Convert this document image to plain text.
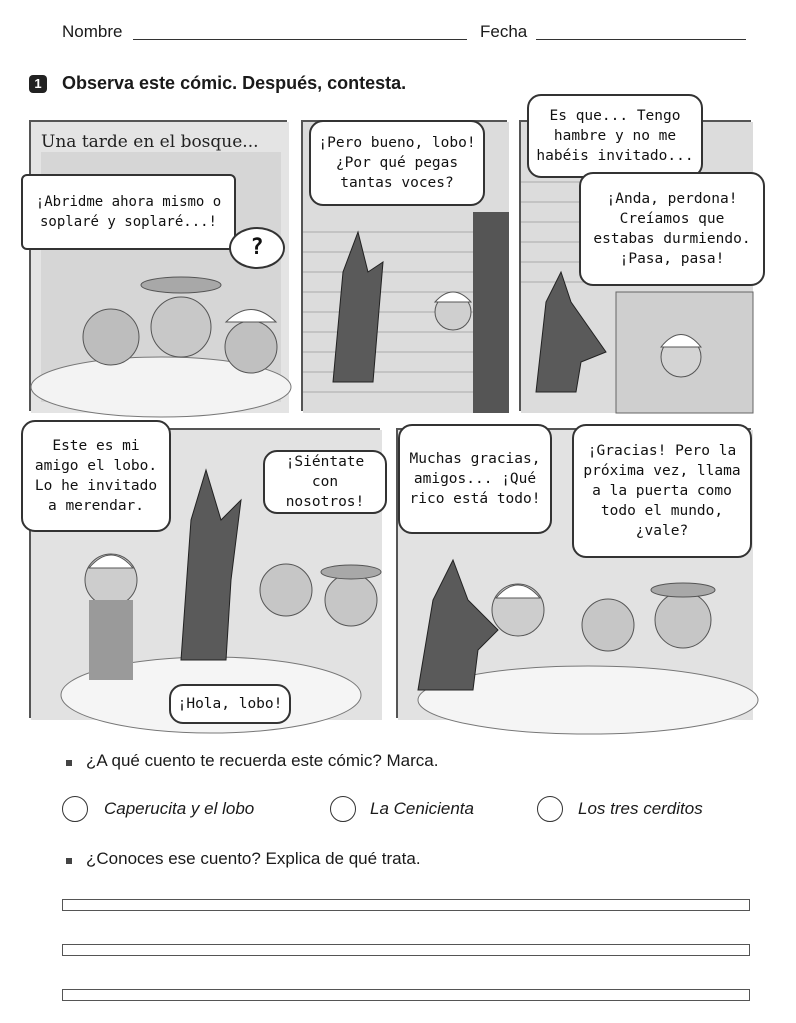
Nombre	Fecha
1 Observa este cómic. Después, contesta.
Una tarde en el bosque...
¡Abridme ahora mismo o soplaré y soplaré...!
?
¡Pero bueno, lobo! ¿Por qué pegas tantas voces?
Es que... Tengo hambre y no me habéis invitado...
¡Anda, perdona! Creíamos que estabas durmiendo. ¡Pasa, pasa!
Este es mi amigo el lobo. Lo he invitado a merendar.
¡Siéntate con nosotros!
¡Hola, lobo!
Muchas gracias, amigos... ¡Qué rico está todo!
¡Gracias! Pero la próxima vez, llama a la puerta como todo el mundo, ¿vale?
¿A qué cuento te recuerda este cómic? Marca.
Caperucita y el lobo	La Cenicienta	Los tres cerditos
¿Conoces ese cuento? Explica de qué trata.
